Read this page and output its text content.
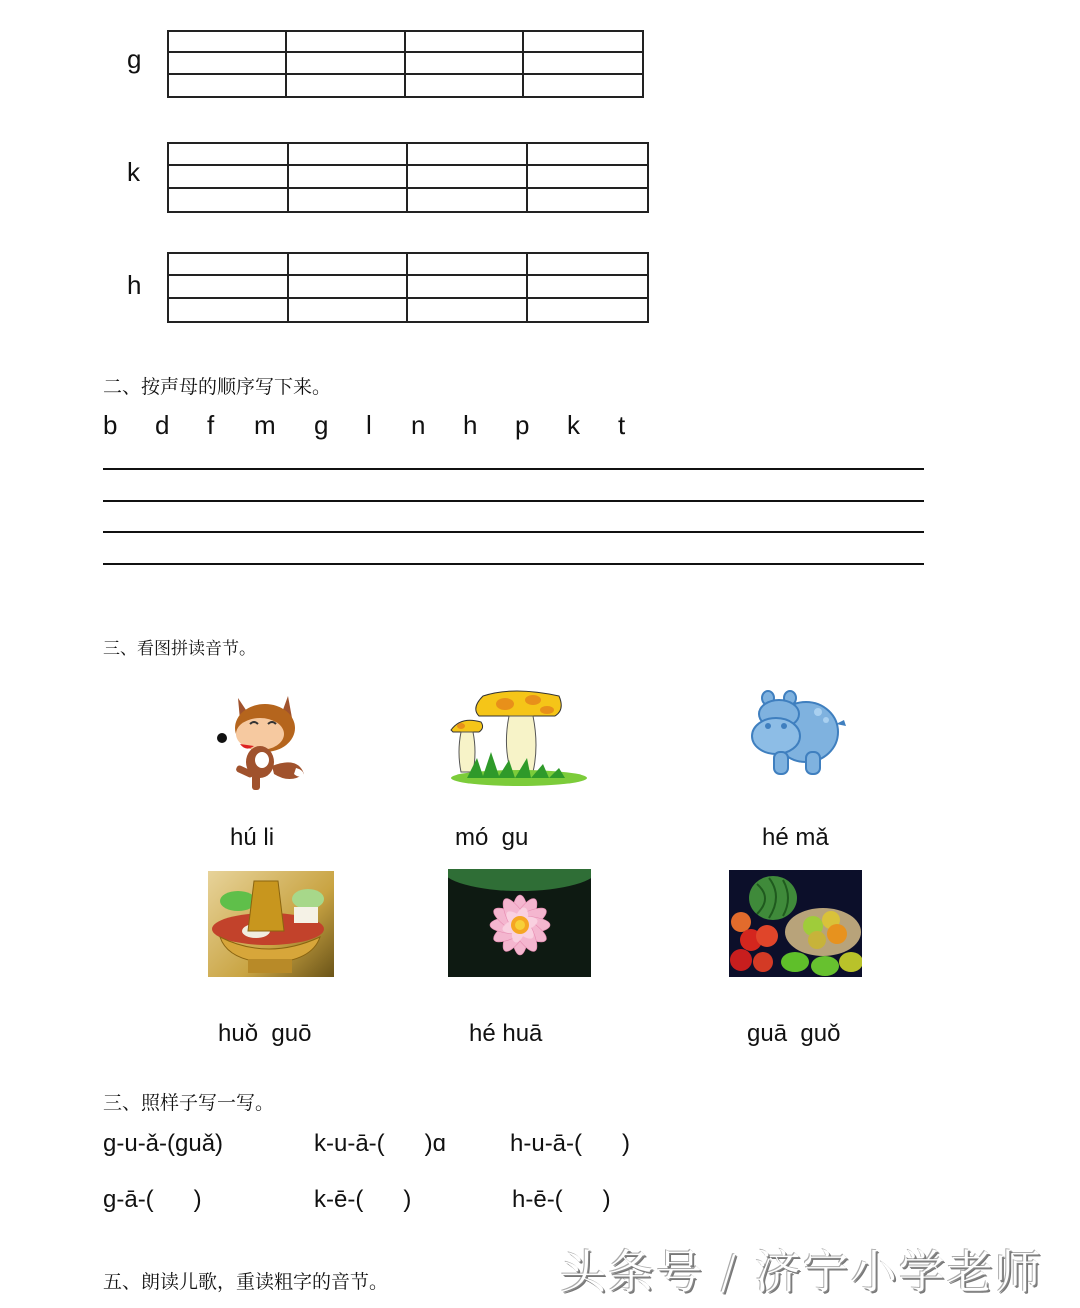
g
k
h
二、按声母的顺序写下来。
b d f m g l n h p k t
三、看图拼读音节。
hú li	mó  gu	hé mǎ
huǒ  guō	hé huā	guā  guǒ
三、照样子写一写。
g-u-ǎ-(guǎ)	k-u-ā-(      )ɑ	h-u-ā-(      )
g-ā-(      )	k-ē-(      )	h-ē-(      )
五、朗读儿歌，重读粗字的音节。	头条号 / 济宁小学老师
